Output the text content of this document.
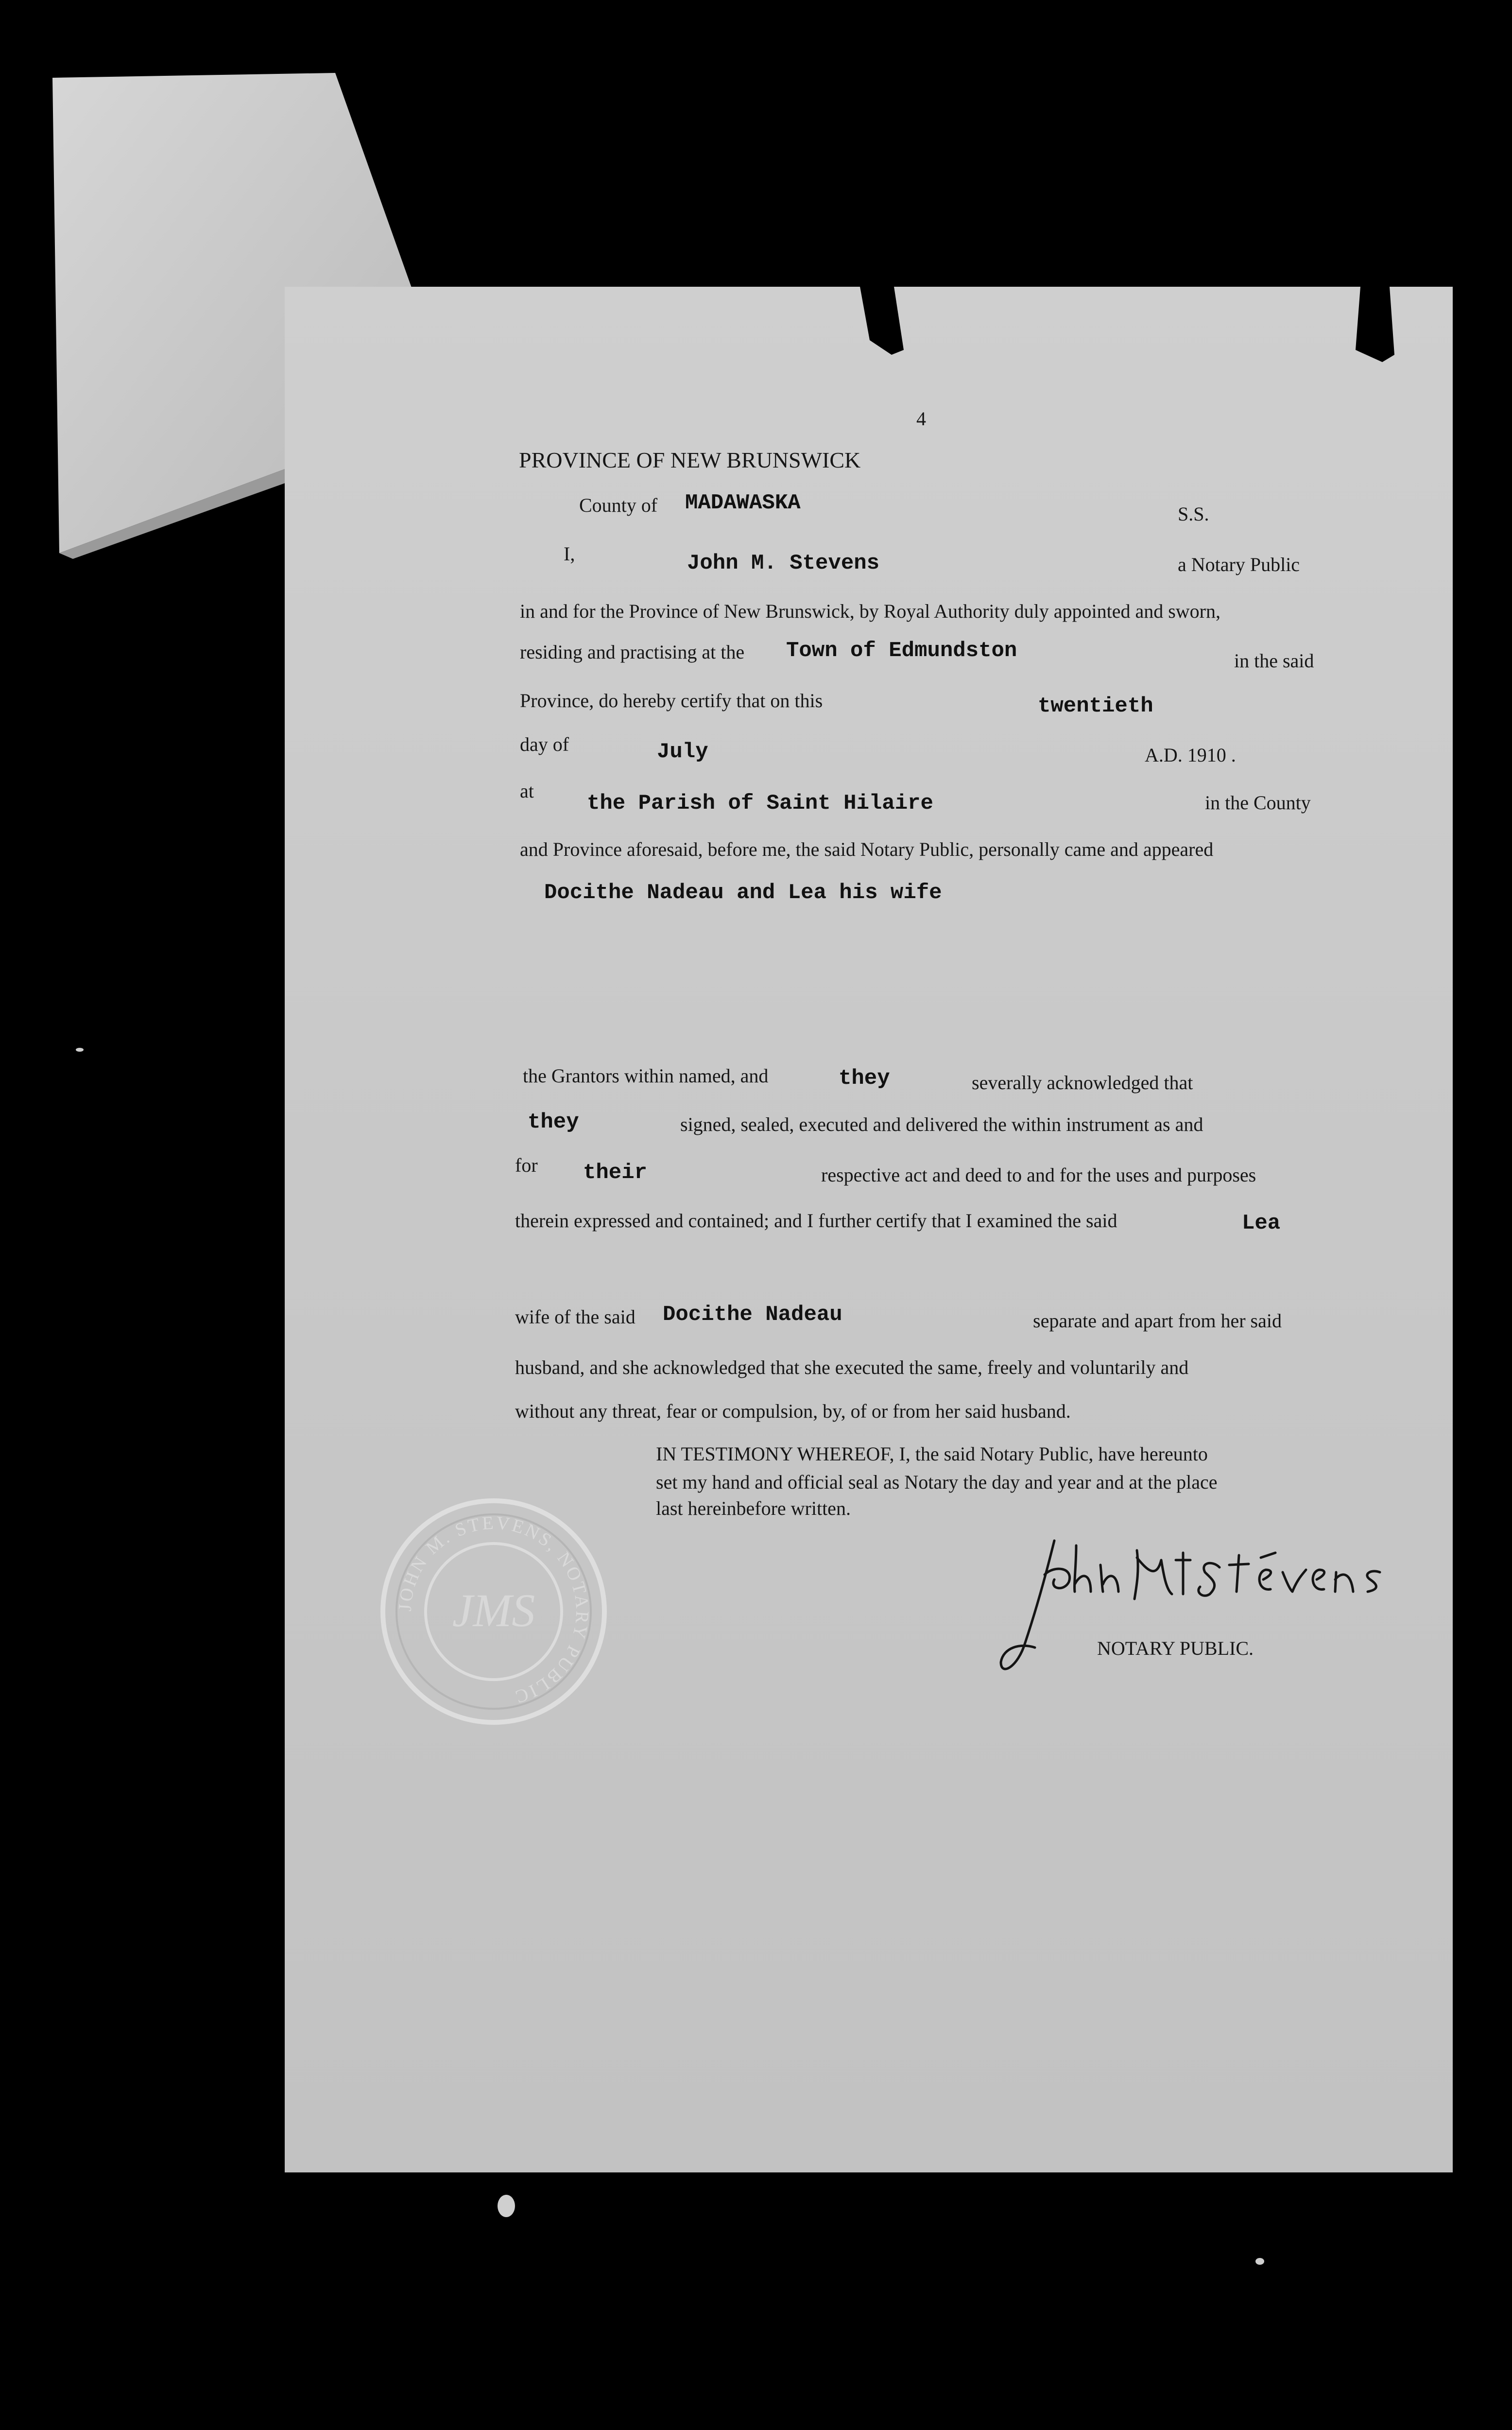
4
PROVINCE OF NEW BRUNSWICK
County of MADAWASKA	S.S.
I,	John M. Stevens	a Notary Public
in and for the Province of New Brunswick, by Royal Authority duly appointed and sworn,
residing and practising at the Town of Edmundston	in the said
Province, do hereby certify that on this	twentieth
day of	July	A.D. 1910 .
at
the Parish of Saint Hilaire	in the County
and Province aforesaid, before me, the said Notary Public, personally came and appeared
Docithe Nadeau and Lea his wife
the Grantors within named, and	they	severally acknowledged that
they	signed, sealed, executed and delivered the within instrument as and
for their	respective act and deed to and for the uses and purposes
therein expressed and contained; and I further certify that I examined the said	Lea
wife of the said Docithe Nadeau	separate and apart from her said
husband, and she acknowledged that she executed the same, freely and voluntarily and
without any threat, fear or compulsion, by, of or from her said husband.
IN TESTIMONY WHEREOF, I, the said Notary Public, have hereunto
set my hand and official seal as Notary the day and year and at the place
last hereinbefore written.
JOHN M. STEVENS, NOTARY PUBLIC
JMS
NOTARY PUBLIC.
